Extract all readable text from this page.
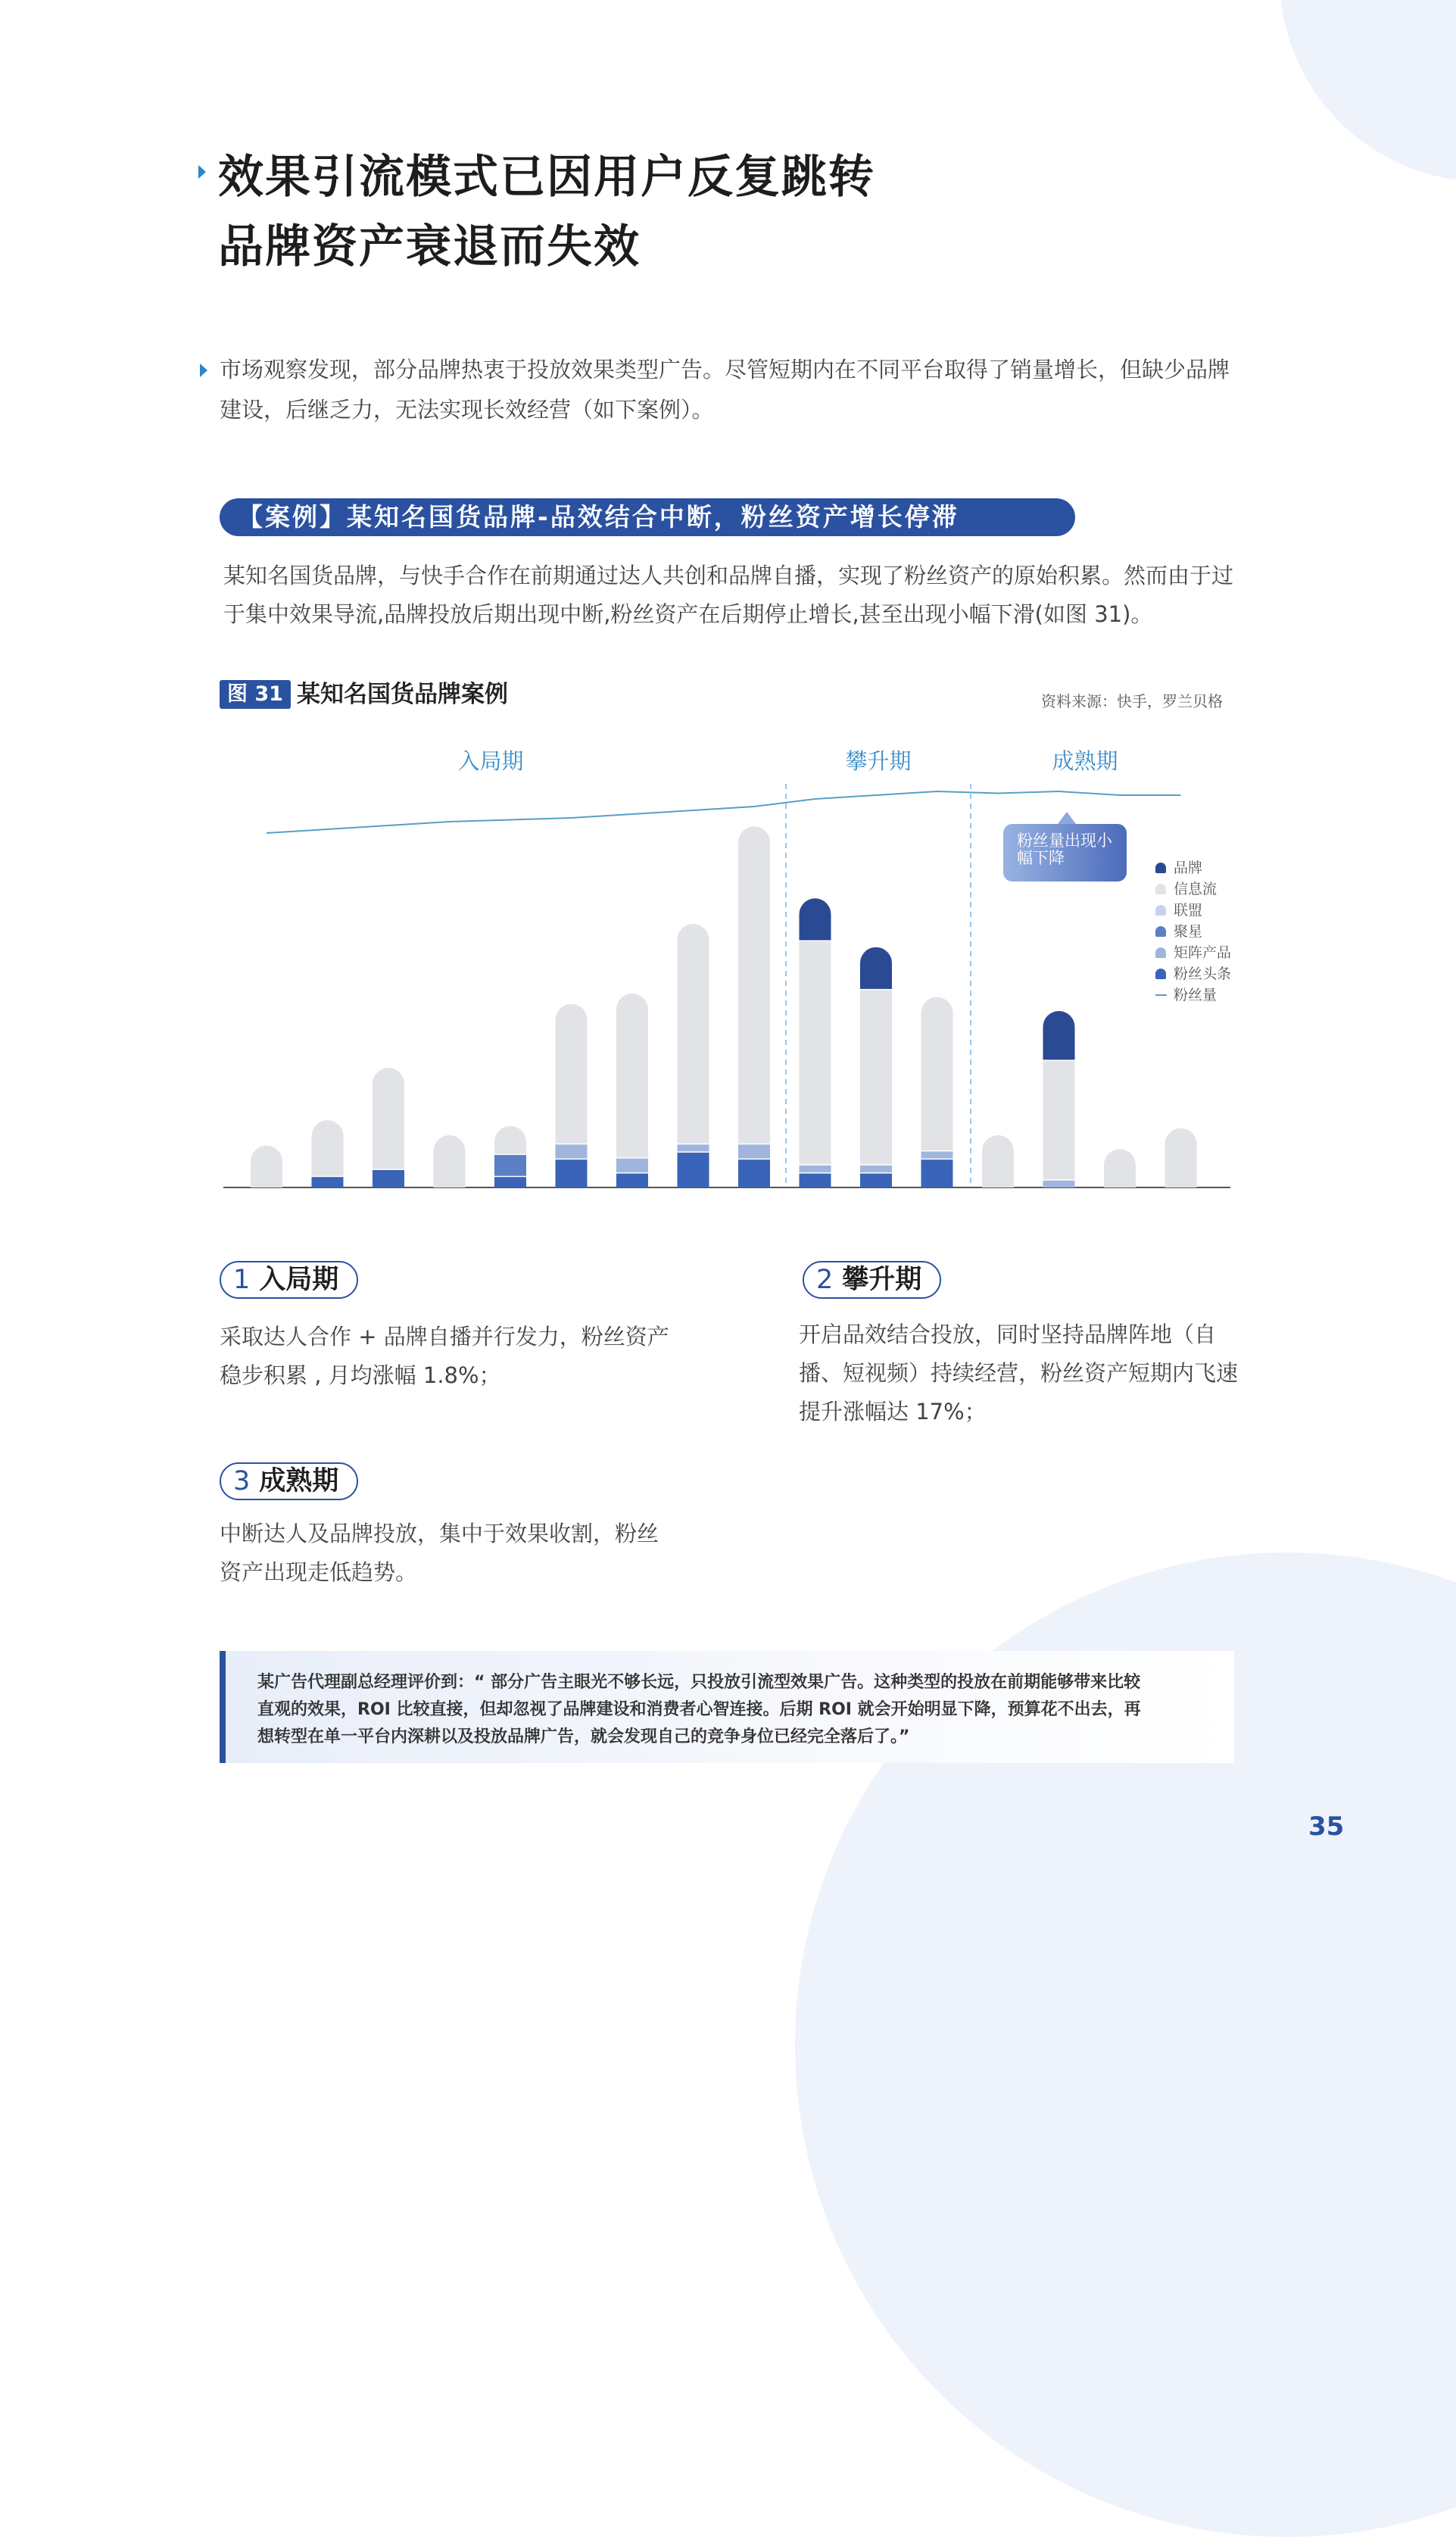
效果引流模式已因用户反复跳转
品牌资产衰退而失效
市场观察发现，部分品牌热衷于投放效果类型广告。尽管短期内在不同平台取得了销量增长，但缺少品牌建设，后继乏力，无法实现长效经营（如下案例）。
【案例】某知名国货品牌-品效结合中断，粉丝资产增长停滞
某知名国货品牌，与快手合作在前期通过达人共创和品牌自播，实现了粉丝资产的原始积累。然而由于过于集中效果导流,品牌投放后期出现中断,粉丝资产在后期停止增长,甚至出现小幅下滑(如图 31)。
图 31 某知名国货品牌案例	资料来源：快手，罗兰贝格
入局期	攀升期	成熟期
粉丝量出现小幅下降
品牌
信息流
联盟
聚星
矩阵产品
粉丝头条
粉丝量
1 入局期
采取达人合作 + 品牌自播并行发力，粉丝资产
稳步积累 , 月均涨幅 1.8%；
2 攀升期
开启品效结合投放，同时坚持品牌阵地（自
播、短视频）持续经营，粉丝资产短期内飞速
提升涨幅达 17%；
3 成熟期
中断达人及品牌投放，集中于效果收割，粉丝
资产出现走低趋势。
某广告代理副总经理评价到：“ 部分广告主眼光不够长远，只投放引流型效果广告。这种类型的投放在前期能够带来比较
直观的效果，ROI 比较直接，但却忽视了品牌建设和消费者心智连接。后期 ROI 就会开始明显下降，预算花不出去，再
想转型在单一平台内深耕以及投放品牌广告，就会发现自己的竞争身位已经完全落后了。”
35
